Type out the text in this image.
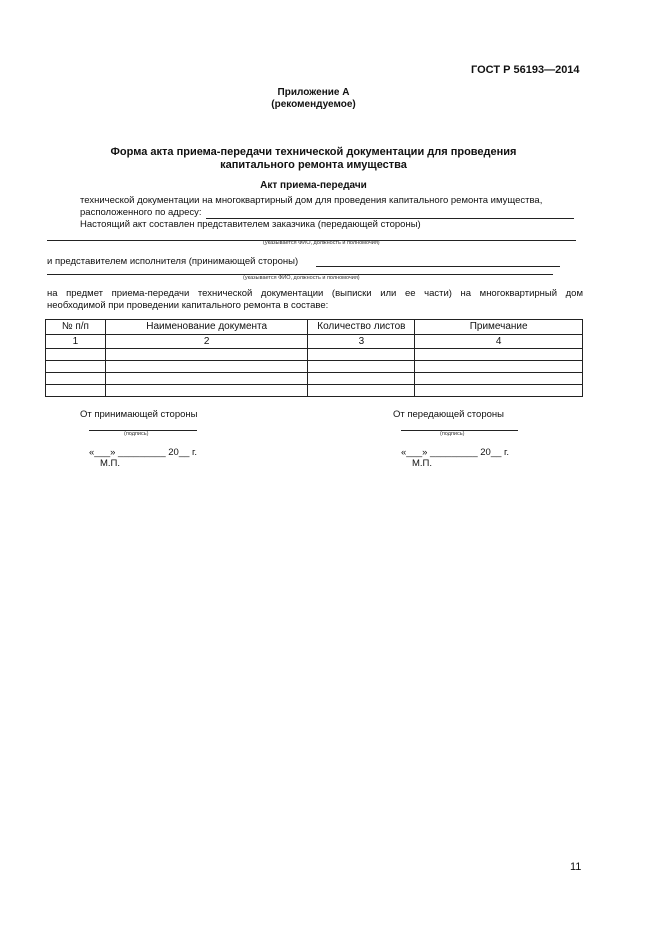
ГОСТ Р 56193—2014
Приложение А
(рекомендуемое)
Форма акта приема-передачи технической документации для проведения
капитального ремонта имущества
Акт приема-передачи
технической документации на многоквартирный дом для проведения капитального ремонта имущества,
расположенного по адресу:
Настоящий акт составлен представителем заказчика (передающей стороны)
(указывается ФИО, должность и полномочия)
и представителем исполнителя (принимающей стороны)
(указывается ФИО, должность и полномочия)
на предмет приема-передачи технической документации (выписки или ее части) на многоквартирный дом
необходимой при проведении капитального ремонта в составе:
№ п/п	Наименование документа	Количество листов	Примечание
1	2	3	4

От принимающей стороны	От передающей стороны
(подпись)	(подпись)
«___» _________ 20__ г.	«___» _________ 20__ г.
М.П.	М.П.
11
